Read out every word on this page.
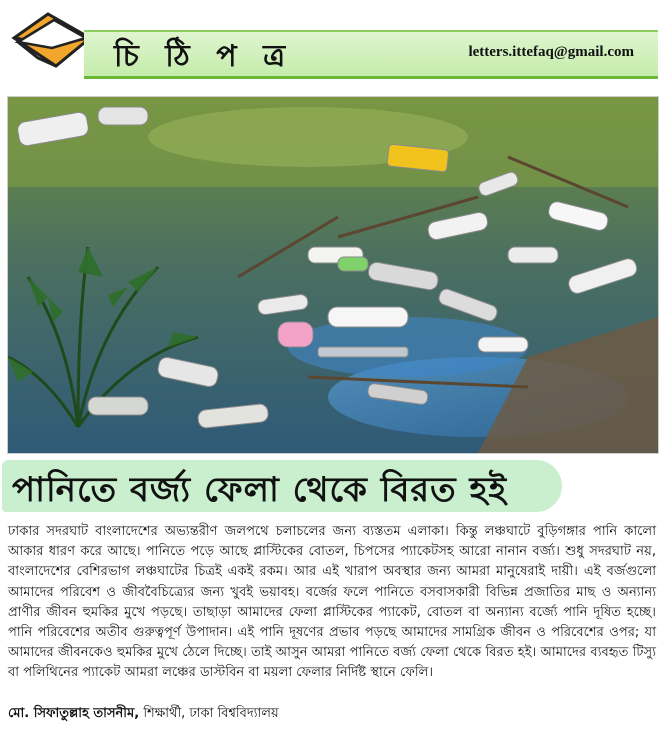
চি ঠি প ত্র	letters.ittefaq@gmail.com
পানিতে বর্জ্য ফেলা থেকে বিরত হই
ঢাকার সদরঘাট বাংলাদেশের অভ্যন্তরীণ জলপথে চলাচলের জন্য ব্যস্ততম এলাকা। কিন্তু লঞ্চঘাটে বুড়িগঙ্গার পানি কালো আকার ধারণ করে আছে। পানিতে পড়ে আছে প্লাস্টিকের বোতল, চিপসের প্যাকেটসহ আরো নানান বর্জ্য। শুধু সদরঘাট নয়, বাংলাদেশের বেশিরভাগ লঞ্চঘাটের চিত্রই একই রকম। আর এই খারাপ অবস্থার জন্য আমরা মানুষেরাই দায়ী। এই বর্জগুলো আমাদের পরিবেশ ও জীববৈচিত্র্যের জন্য খুবই ভয়াবহ। বর্জের ফলে পানিতে বসবাসকারী বিভিন্ন প্রজাতির মাছ ও অন্যান্য প্রাণীর জীবন হুমকির মুখে পড়ছে। তাছাড়া আমাদের ফেলা প্লাস্টিকের প্যাকেট, বোতল বা অন্যান্য বর্জ্যে পানি দূষিত হচ্ছে। পানি পরিবেশের অতীব গুরুত্বপূর্ণ উপাদান। এই পানি দূষণের প্রভাব পড়ছে আমাদের সামগ্রিক জীবন ও পরিবেশের ওপর; যা আমাদের জীবনকেও হুমকির মুখে ঠেলে দিচ্ছে। তাই আসুন আমরা পানিতে বর্জ্য ফেলা থেকে বিরত হই। আমাদের ব্যবহৃত টিস্যু বা পলিথিনের প্যাকেট আমরা লঞ্চের ডাস্টবিন বা ময়লা ফেলার নির্দিষ্ট স্থানে ফেলি।
মো. সিফাতুল্লাহ তাসনীম, শিক্ষার্থী, ঢাকা বিশ্ববিদ্যালয়
